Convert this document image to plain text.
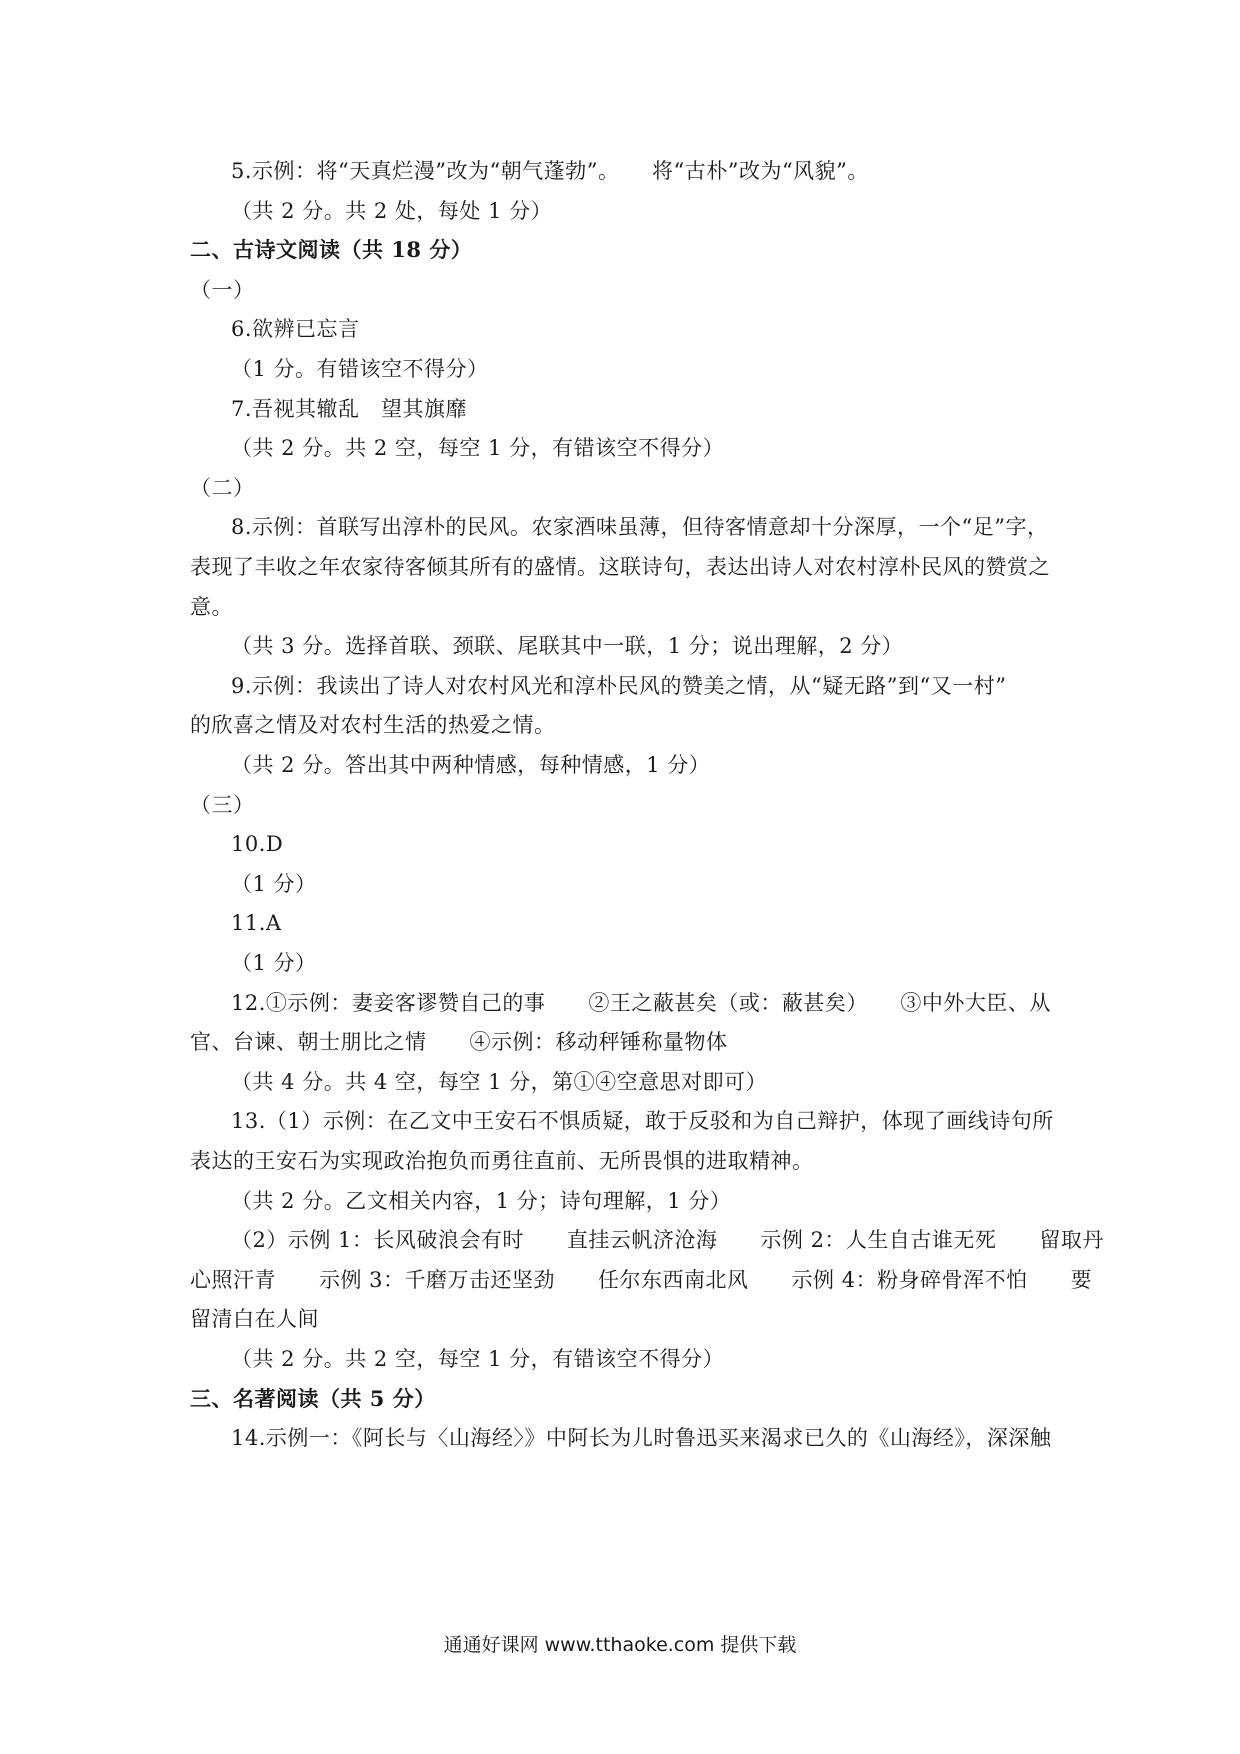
5.示例：将“天真烂漫”改为“朝气蓬勃”。　　将“古朴”改为“风貌”。
（共 2 分。共 2 处，每处 1 分）
二、古诗文阅读（共 18 分）
（一）
6.欲辨已忘言
（1 分。有错该空不得分）
7.吾视其辙乱　望其旗靡
（共 2 分。共 2 空，每空 1 分，有错该空不得分）
（二）
8.示例：首联写出淳朴的民风。农家酒味虽薄，但待客情意却十分深厚，一个“足”字，
表现了丰收之年农家待客倾其所有的盛情。这联诗句，表达出诗人对农村淳朴民风的赞赏之
意。
（共 3 分。选择首联、颈联、尾联其中一联，1 分；说出理解，2 分）
9.示例：我读出了诗人对农村风光和淳朴民风的赞美之情，从“疑无路”到“又一村”
的欣喜之情及对农村生活的热爱之情。
（共 2 分。答出其中两种情感，每种情感，1 分）
（三）
10.D
（1 分）
11.A
（1 分）
12.①示例：妻妾客谬赞自己的事　　②王之蔽甚矣（或：蔽甚矣）　　③中外大臣、从
官、台谏、朝士朋比之情　　④示例：移动秤锤称量物体
（共 4 分。共 4 空，每空 1 分，第①④空意思对即可）
13.（1）示例：在乙文中王安石不惧质疑，敢于反驳和为自己辩护，体现了画线诗句所
表达的王安石为实现政治抱负而勇往直前、无所畏惧的进取精神。
（共 2 分。乙文相关内容，1 分；诗句理解，1 分）
（2）示例 1：长风破浪会有时　　直挂云帆济沧海　　示例 2：人生自古谁无死　　留取丹
心照汗青　　示例 3：千磨万击还坚劲　　任尔东西南北风　　示例 4：粉身碎骨浑不怕　　要
留清白在人间
（共 2 分。共 2 空，每空 1 分，有错该空不得分）
三、名著阅读（共 5 分）
14.示例一：《阿长与〈山海经〉》中阿长为儿时鲁迅买来渴求已久的《山海经》，深深触
通通好课网 www.tthaoke.com 提供下载
